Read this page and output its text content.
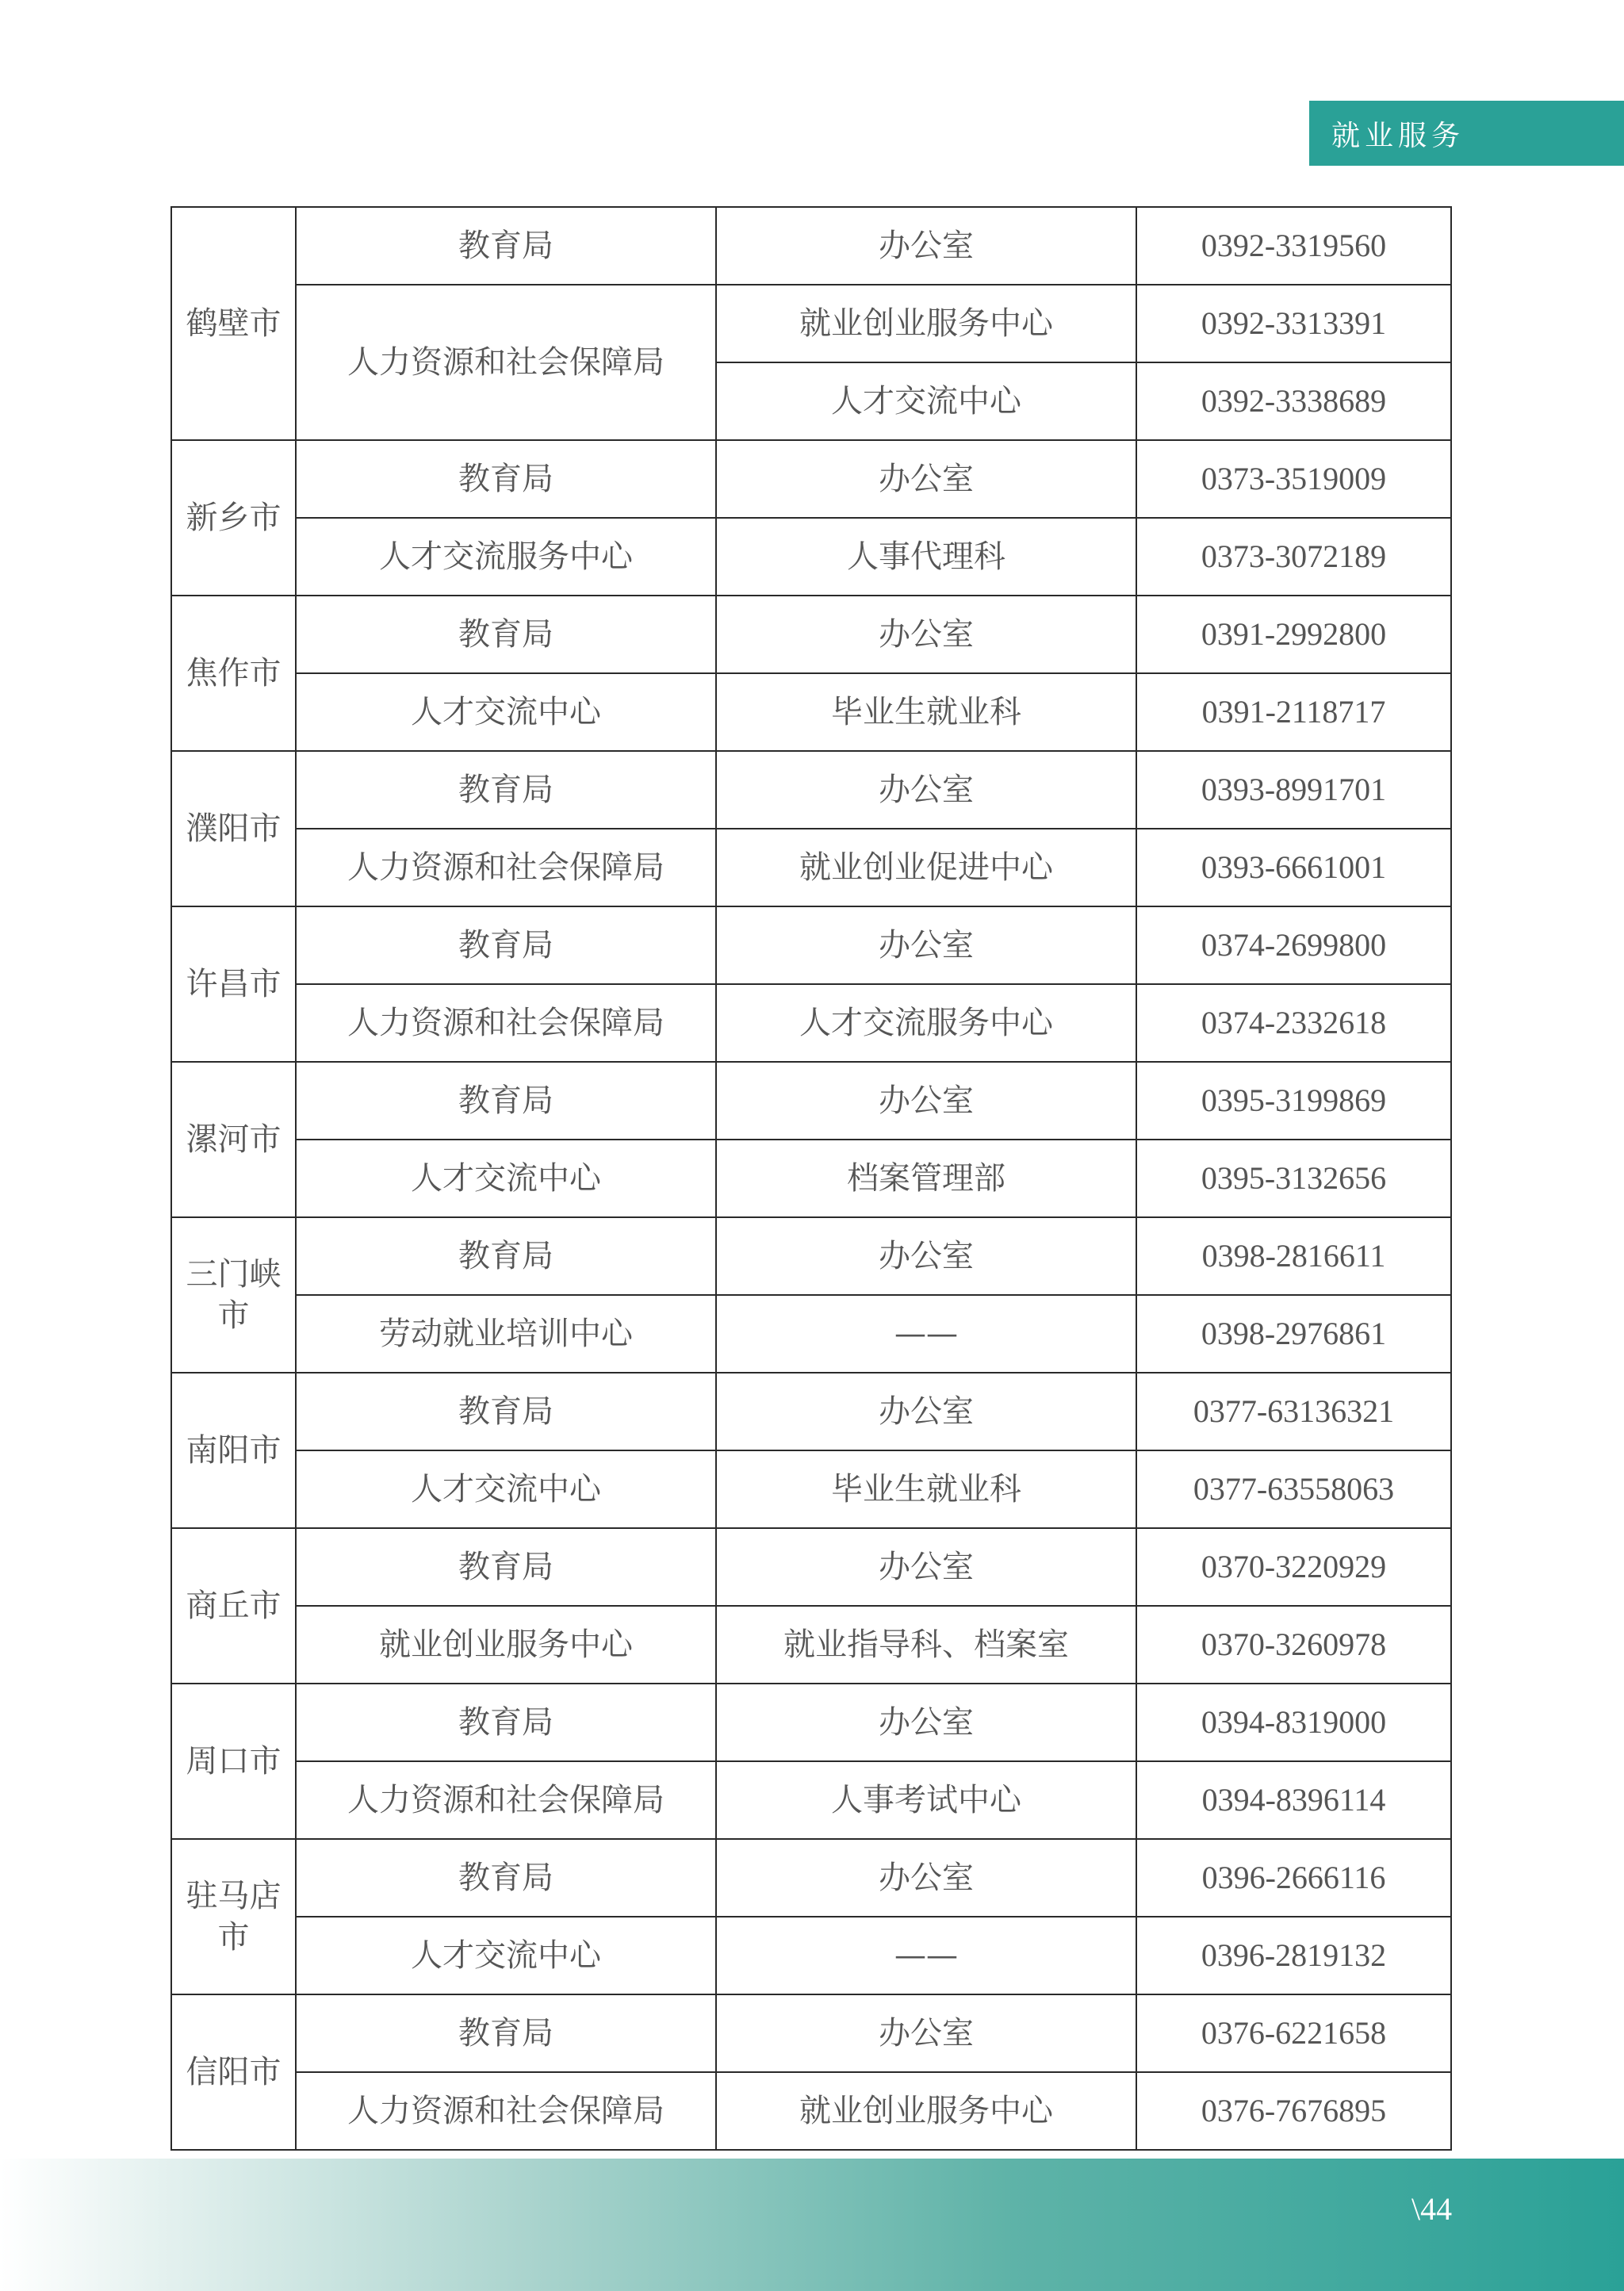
就业服务
鹤壁市	教育局	办公室	0392-3319560
	人力资源和社会保障局	就业创业服务中心	0392-3313391
		人才交流中心	0392-3338689
新乡市	教育局	办公室	0373-3519009
	人才交流服务中心	人事代理科	0373-3072189
焦作市	教育局	办公室	0391-2992800
	人才交流中心	毕业生就业科	0391-2118717
濮阳市	教育局	办公室	0393-8991701
	人力资源和社会保障局	就业创业促进中心	0393-6661001
许昌市	教育局	办公室	0374-2699800
	人力资源和社会保障局	人才交流服务中心	0374-2332618
漯河市	教育局	办公室	0395-3199869
	人才交流中心	档案管理部	0395-3132656
三门峡市	教育局	办公室	0398-2816611
	劳动就业培训中心	——	0398-2976861
南阳市	教育局	办公室	0377-63136321
	人才交流中心	毕业生就业科	0377-63558063
商丘市	教育局	办公室	0370-3220929
	就业创业服务中心	就业指导科、档案室	0370-3260978
周口市	教育局	办公室	0394-8319000
	人力资源和社会保障局	人事考试中心	0394-8396114
驻马店市	教育局	办公室	0396-2666116
	人才交流中心	——	0396-2819132
信阳市	教育局	办公室	0376-6221658
	人力资源和社会保障局	就业创业服务中心	0376-7676895
\44
